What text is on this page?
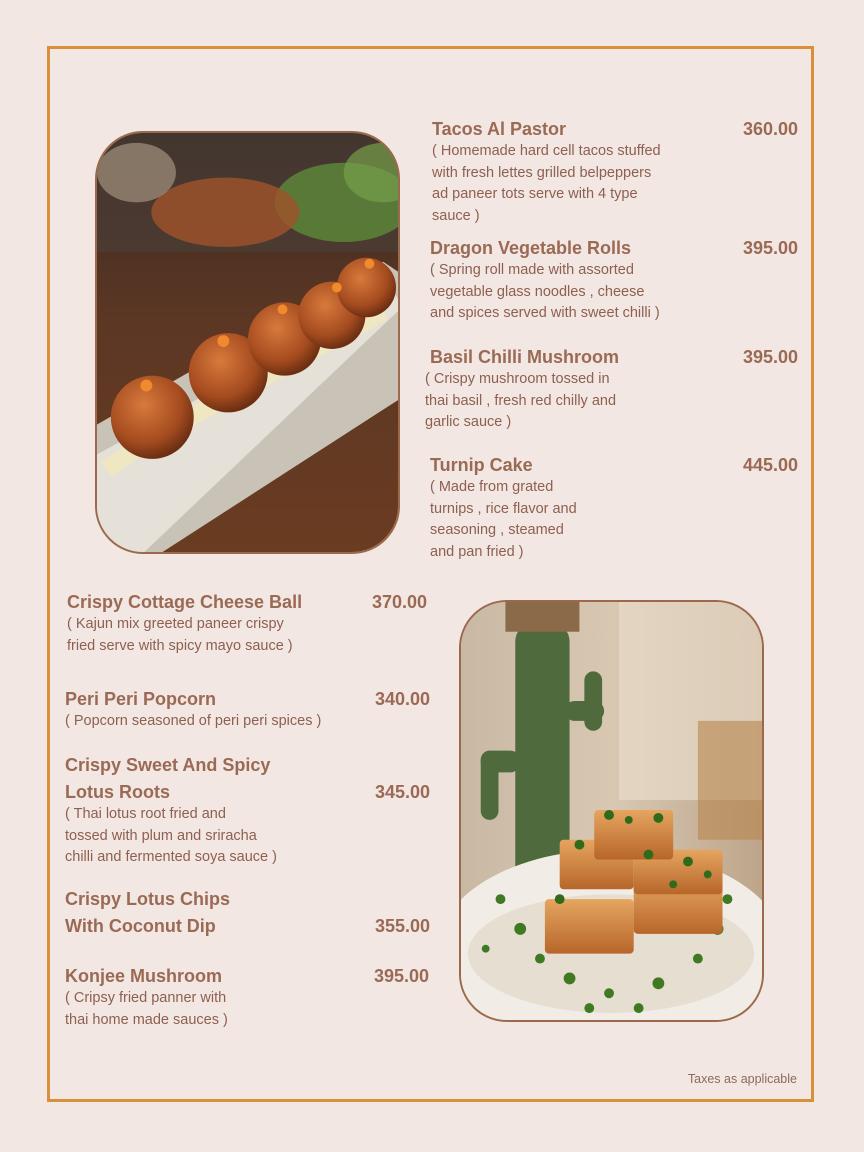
Tacos Al Pastor	360.00
( Homemade hard cell tacos stuffed
with fresh lettes grilled belpeppers
ad paneer tots serve with 4 type
sauce )
Dragon Vegetable Rolls	395.00
( Spring roll made with assorted
vegetable glass noodles , cheese
and spices served with sweet chilli )
Basil Chilli Mushroom	395.00
( Crispy mushroom tossed in
thai basil , fresh red chilly and
garlic sauce )
Turnip Cake	445.00
( Made from grated
turnips , rice flavor and
seasoning , steamed
and pan fried )
Crispy Cottage Cheese Ball	370.00
( Kajun mix greeted paneer crispy
fried serve with spicy mayo sauce )
Peri Peri Popcorn	340.00
( Popcorn seasoned of peri peri spices )
Crispy Sweet And Spicy
Lotus Roots	345.00
( Thai lotus root fried and
tossed with plum and sriracha
chilli and fermented soya sauce )
Crispy Lotus Chips
With Coconut Dip	355.00
Konjee Mushroom	395.00
( Cripsy fried panner with
thai home made sauces )
Taxes as applicable
